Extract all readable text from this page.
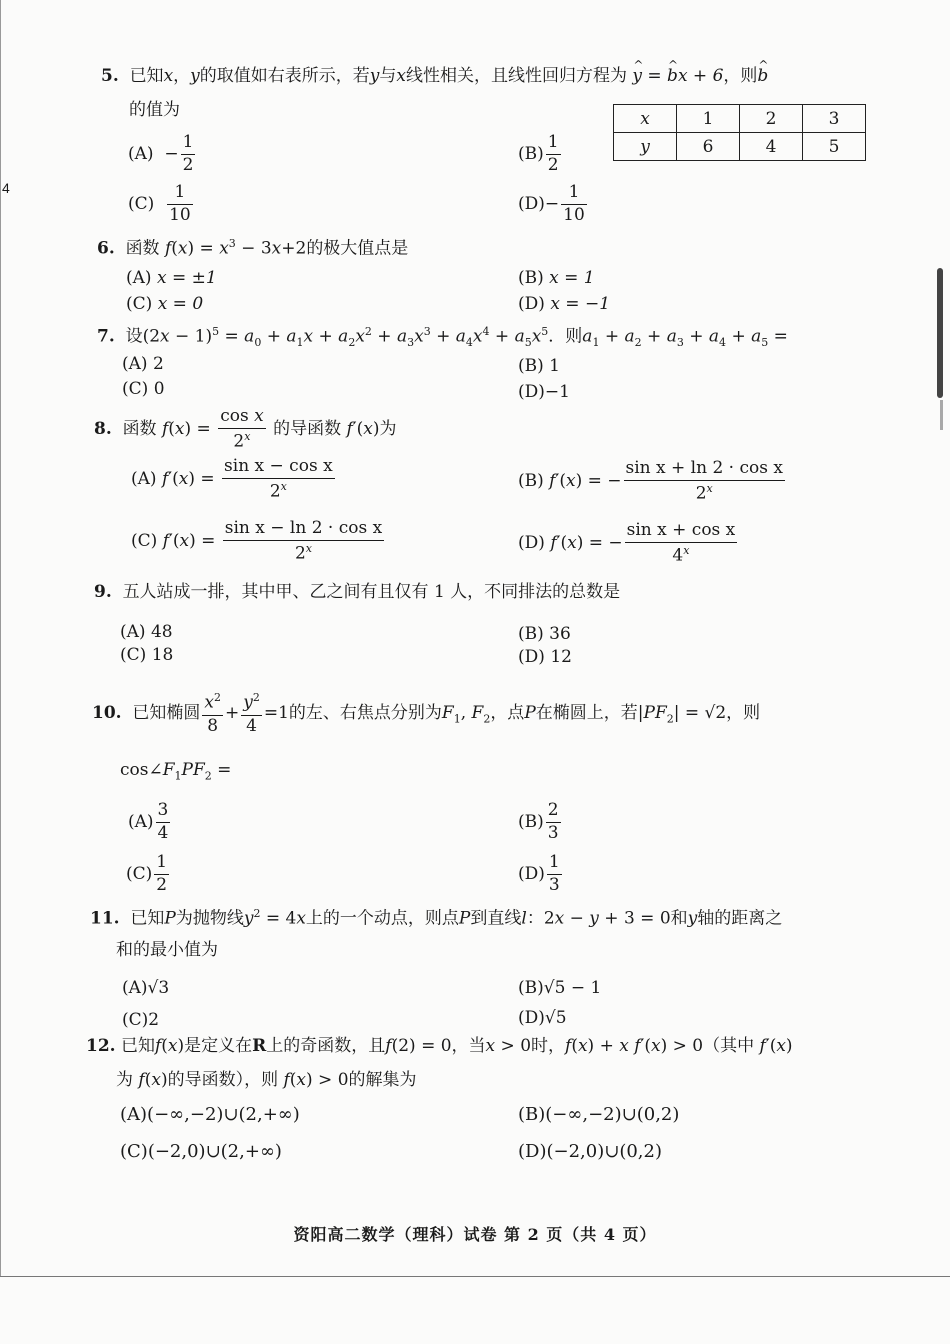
4
5. 已知x，y的取值如右表所示，若y与x线性相关，且线性回归方程为 ^ y = ^ bx + 6，则^ b
的值为	x	1	2	3
y	6	4	5
$(A) - \frac{1}{2}$	$(B) \frac{1}{2}$
$(C) \frac{1}{10}$	$(D)- \frac{1}{10}$
6. 函数 $f(x) = x^3 - 3x+2$的极大值点是
(A) x = ±1	(B) x = 1
(C) x = 0	(D) x = −1
7. 设$(2x - 1)^5 = a_0 + a_1x + a_2x^2 + a_3x^3 + a_4x^4 + a_5x^5$．则$a_1 + a_2 + a_3 + a_4 + a_5$ =
(A) 2	(B) 1
(C) 0	(D)−1
8. 函数 $f(x) = \frac{\text{cos x}}{2^x}$ 的导函数 f′(x)为
(A) $f'(x) = \frac{\text{sin x − cos x}}{2^x}$	(B) f′(x) = − $\frac{\text{sin x + ln 2 · cos x}}{2^x}$
(C) $f'(x) = \frac{\text{sin x − ln 2 · cos x}}{2^x}$	(D) f′(x) = − $\frac{\text{sin x + cos x}}{4^x}$
9. 五人站成一排，其中甲、乙之间有且仅有 1 人，不同排法的总数是
(A) 48	(B) 36
(C) 18	(D) 12
10. 已知椭圆 $\frac{x^2}{8} + \frac{y^2}{4} =1$的左、右焦点分别为$F_1$, $F_2$，点P在椭圆上，若$|PF_2| = √2$，则
$\cos\angle F_1PF_2$ =
$(A) \frac{3}{4}$	$(B) \frac{2}{3}$
$(C) \frac{1}{2}$	$(D) \frac{1}{3}$
11. 已知P为抛物线$y^2 = 4x$上的一个动点，则点P到直线l：2x − y + 3 = 0和y轴的距离之
和的最小值为
(A)√3	(B)√5 − 1
(C)2	(D)√5
12. 已知f(x)是定义在R上的奇函数，且f(2) = 0，当x > 0时，f(x) + x f′(x) > 0（其中 f′(x)
为 f(x)的导函数），则 f(x) > 0的解集为
(A)(−∞,−2)∪(2,+∞)	(B)(−∞,−2)∪(0,2)
(C)(−2,0)∪(2,+∞)	(D)(−2,0)∪(0,2)
资阳高二数学（理科）试卷 第 2 页（共 4 页）
